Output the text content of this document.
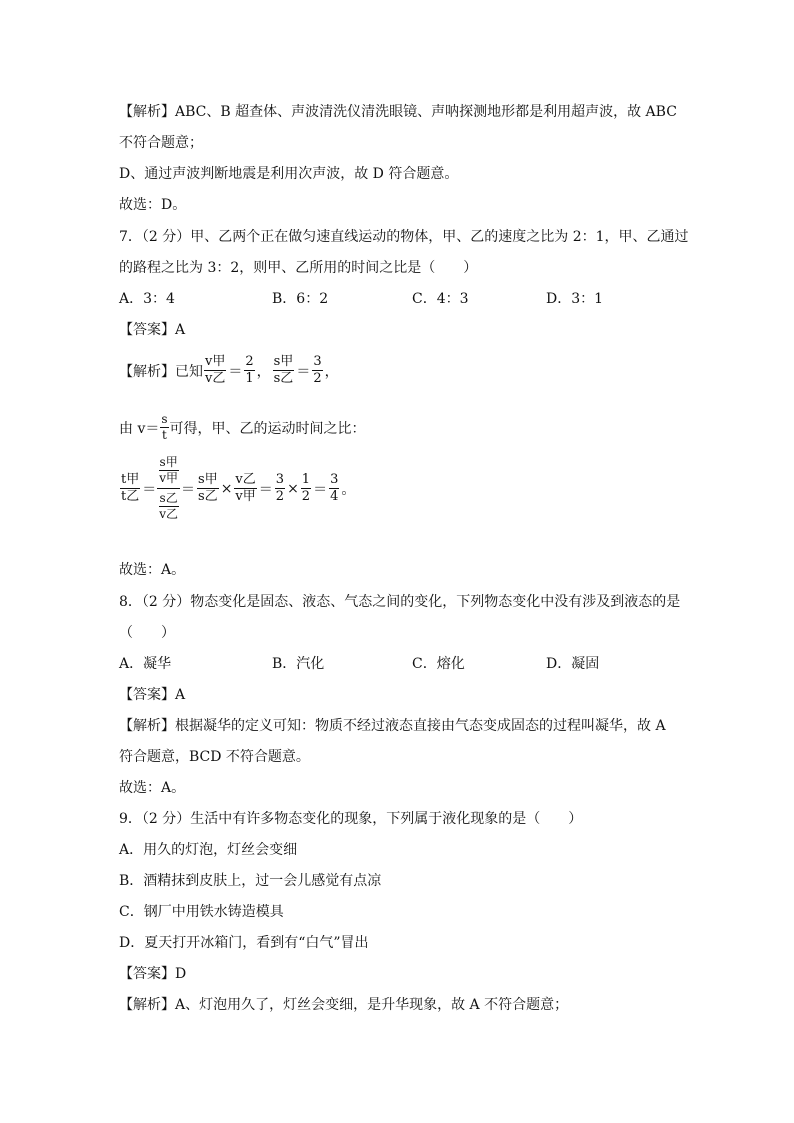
【解析】ABC、B 超查体、声波清洗仪清洗眼镜、声呐探测地形都是利用超声波，故 ABC
不符合题意；
D、通过声波判断地震是利用次声波，故 D 符合题意。
故选：D。
7．（2 分）甲、乙两个正在做匀速直线运动的物体，甲、乙的速度之比为 2：1，甲、乙通过
的路程之比为 3：2，则甲、乙所用的时间之比是（　　）
A．3：4	B．6：2	C．4：3	D．3：1
【答案】A
【解析】已知 $\frac{\text{v甲}}{\text{v乙}} = \frac{2}{1}$ ， $\frac{\text{s甲}}{\text{s乙}} = \frac{3}{2}$ ，
由 $v= \frac{s}{t}$ 可得，甲、乙的运动时间之比：
$\frac{\text{t甲}}{\text{t乙}}$ ＝
$\frac{\text{s甲}}{\text{v甲}}$
$\frac{\text{s乙}}{\text{v乙}}$
＝ $\frac{\text{s甲}}{\text{s乙}} \times \frac{\text{v乙}}{\text{v甲}} = \frac{3}{2} \times \frac{1}{2} = \frac{3}{4}$ 。
故选：A。
8．（2 分）物态变化是固态、液态、气态之间的变化，下列物态变化中没有涉及到液态的是
（　　）
A．凝华	B．汽化	C．熔化	D．凝固
【答案】A
【解析】根据凝华的定义可知：物质不经过液态直接由气态变成固态的过程叫凝华，故 A
符合题意，BCD 不符合题意。
故选：A。
9．（2 分）生活中有许多物态变化的现象，下列属于液化现象的是（　　）
A．用久的灯泡，灯丝会变细
B．酒精抹到皮肤上，过一会儿感觉有点凉
C．钢厂中用铁水铸造模具
D．夏天打开冰箱门，看到有“白气”冒出
【答案】D
【解析】A、灯泡用久了，灯丝会变细，是升华现象，故 A 不符合题意；
